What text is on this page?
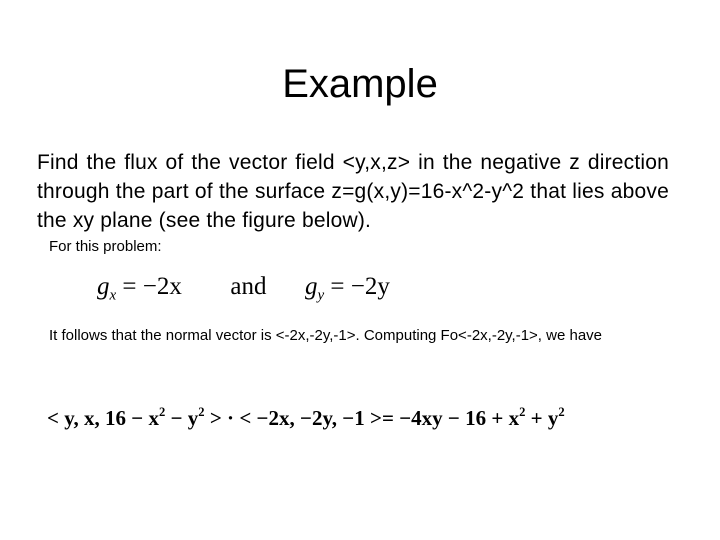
Example
Find the flux of the vector field <y,x,z> in the negative z direction through the part of the surface z=g(x,y)=16-x^2-y^2 that lies above the xy plane (see the figure below).
For this problem:
$g_x = -2x$ and $g_y = -2y$
It follows that the normal vector is <-2x,-2y,-1>. Computing Fo<-2x,-2y,-1>, we have
< y, x, $16 - x^2 - y^2$ > · < −2x, −2y, $-1 >= -4xy - 16 + x^2 + y^2$
